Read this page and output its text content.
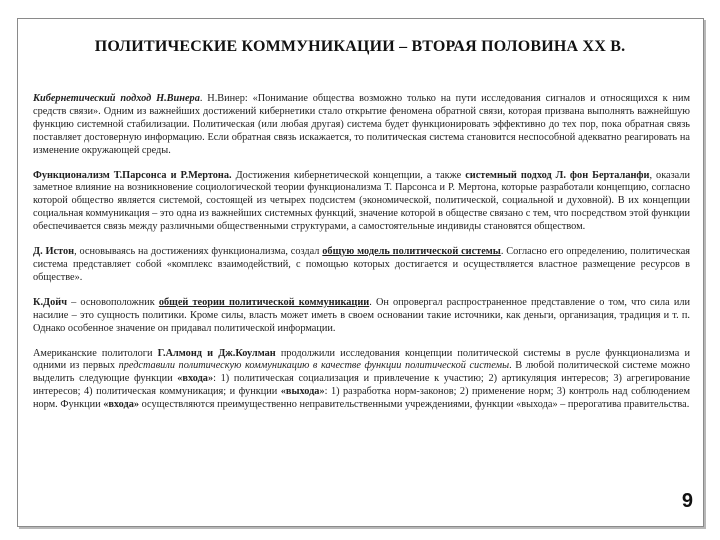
ПОЛИТИЧЕСКИЕ КОММУНИКАЦИИ – ВТОРАЯ ПОЛОВИНА ХХ В.

Кибернетический подход Н.Винера. Н.Винер: «Понимание общества возможно только на пути исследования сигналов и относящихся к ним средств связи». Одним из важнейших достижений кибернетики стало открытие феномена обратной связи, которая призвана выполнять важнейшую функцию системной стабилизации. Политическая (или любая другая) система будет функционировать эффективно до тех пор, пока обратная связь поставляет достоверную информацию. Если обратная связь искажается, то политическая система становится неспособной адекватно реагировать на изменение окружающей среды.

Функционализм Т.Парсонса и Р.Мертона. Достижения кибернетической концепции, а также системный подход Л. фон Берталанфи, оказали заметное влияние на возникновение социологической теории функционализма Т. Парсонса и Р. Мертона, которые разработали концепцию, согласно которой общество является системой, состоящей из четырех подсистем (экономической, политической, социальной и духовной). В их концепции социальная коммуникация – это одна из важнейших системных функций, значение которой в обществе связано с тем, что посредством этой функции обеспечивается связь между различными общественными структурами, а самостоятельные индивиды становятся обществом.

Д. Истон, основываясь на достижениях функционализма, создал общую модель политической системы. Согласно его определению, политическая система представляет собой «комплекс взаимодействий, с помощью которых достигается и осуществляется властное размещение ресурсов в обществе».

К.Дойч – основоположник общей теории политической коммуникации. Он опровергал распространенное представление о том, что сила или насилие – это сущность политики. Кроме силы, власть может иметь в своем основании такие источники, как деньги, организация, традиция и т. п. Однако особенное значение он придавал политической информации.

Американские политологи Г.Алмонд и Дж.Коулман продолжили исследования концепции политической системы в русле функционализма и одними из первых представили политическую коммуникацию в качестве функции политической системы. В любой политической системе можно выделить следующие функции «входа»: 1) политическая социализация и привлечение к участию; 2) артикуляция интересов; 3) агрегирование интересов; 4) политическая коммуникация; и функции «выхода»: 1) разработка норм-законов; 2) применение норм; 3) контроль над соблюдением норм. Функции «входа» осуществляются преимущественно неправительственными учреждениями, функции «выхода» – прерогатива правительства.

9
